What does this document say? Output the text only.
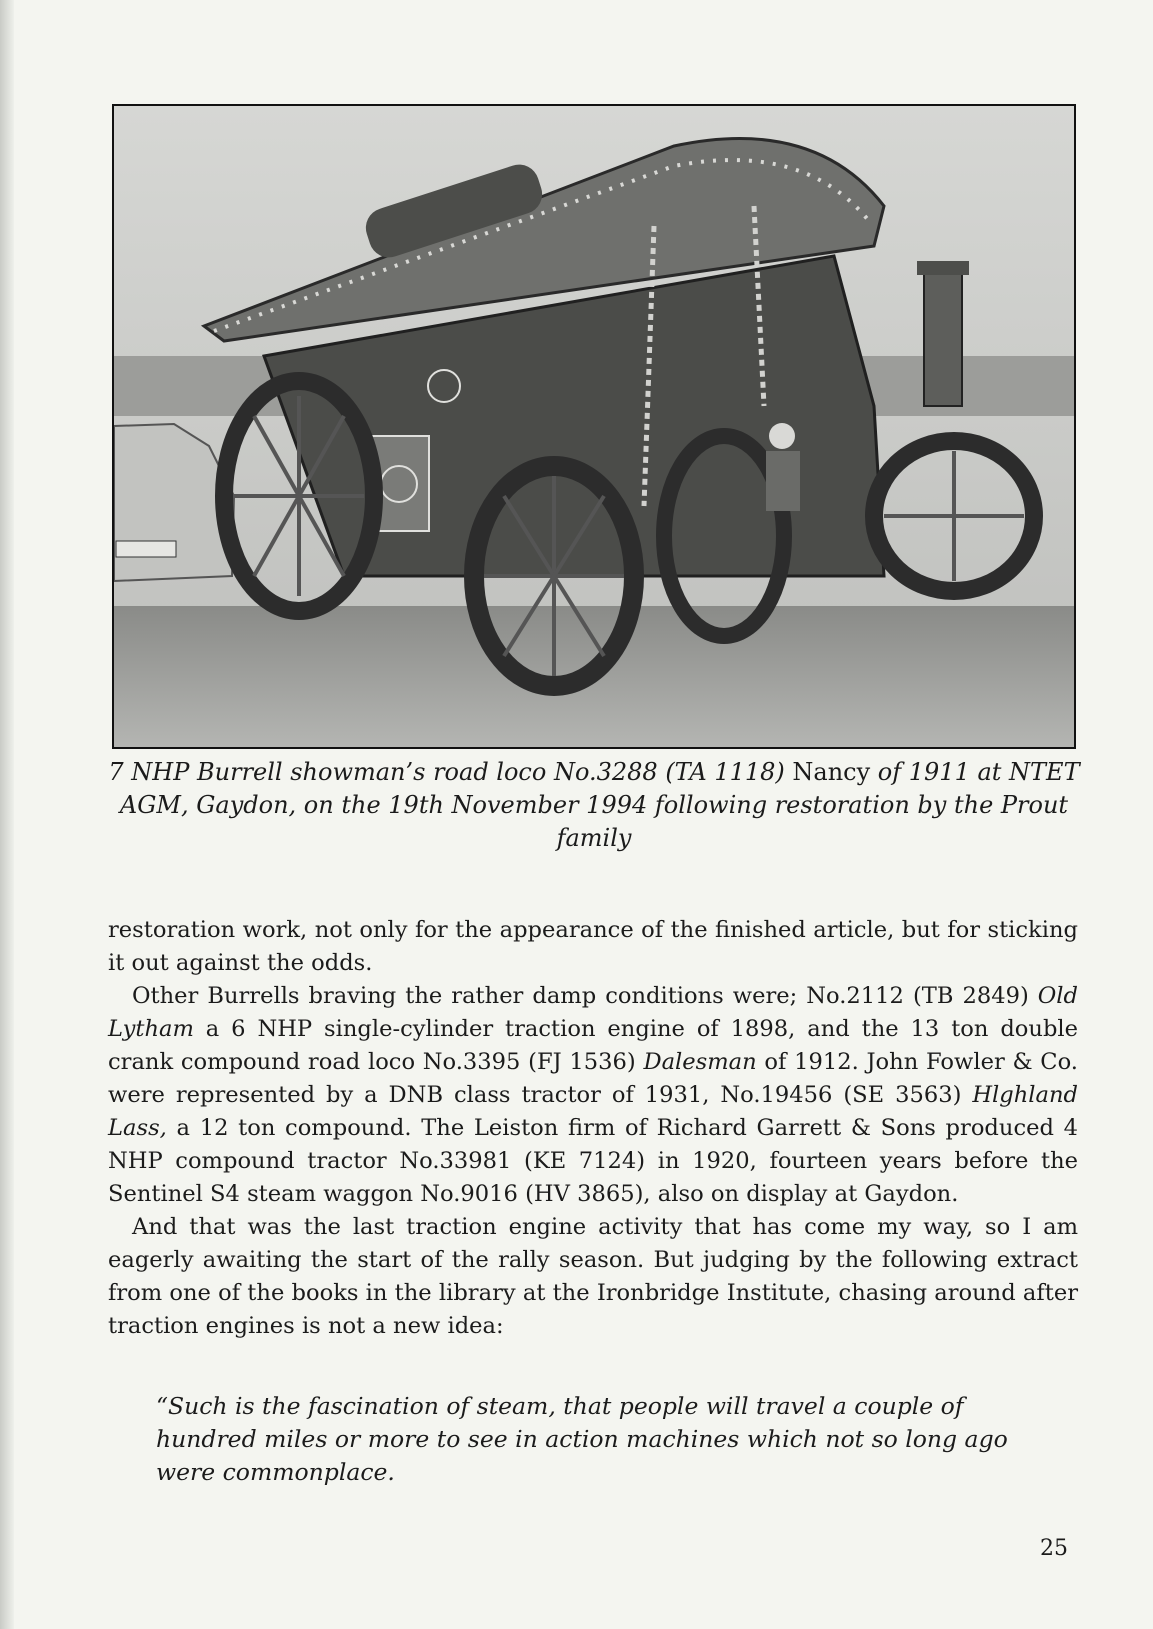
7 NHP Burrell showman’s road loco No.3288 (TA 1118) Nancy of 1911 at NTET AGM, Gaydon, on the 19th November 1994 following restoration by the Prout family

restoration work, not only for the appearance of the finished article, but for sticking it out against the odds.

Other Burrells braving the rather damp conditions were; No.2112 (TB 2849) Old Lytham a 6 NHP single-cylinder traction engine of 1898, and the 13 ton double crank compound road loco No.3395 (FJ 1536) Dalesman of 1912. John Fowler & Co. were represented by a DNB class tractor of 1931, No.19456 (SE 3563) Hlghland Lass, a 12 ton compound. The Leiston firm of Richard Garrett & Sons produced 4 NHP compound tractor No.33981 (KE 7124) in 1920, fourteen years before the Sentinel S4 steam waggon No.9016 (HV 3865), also on display at Gaydon.

And that was the last traction engine activity that has come my way, so I am eagerly awaiting the start of the rally season. But judging by the following extract from one of the books in the library at the Ironbridge Institute, chasing around after traction engines is not a new idea:

“Such is the fascination of steam, that people will travel a couple of hundred miles or more to see in action machines which not so long ago were commonplace.
25
